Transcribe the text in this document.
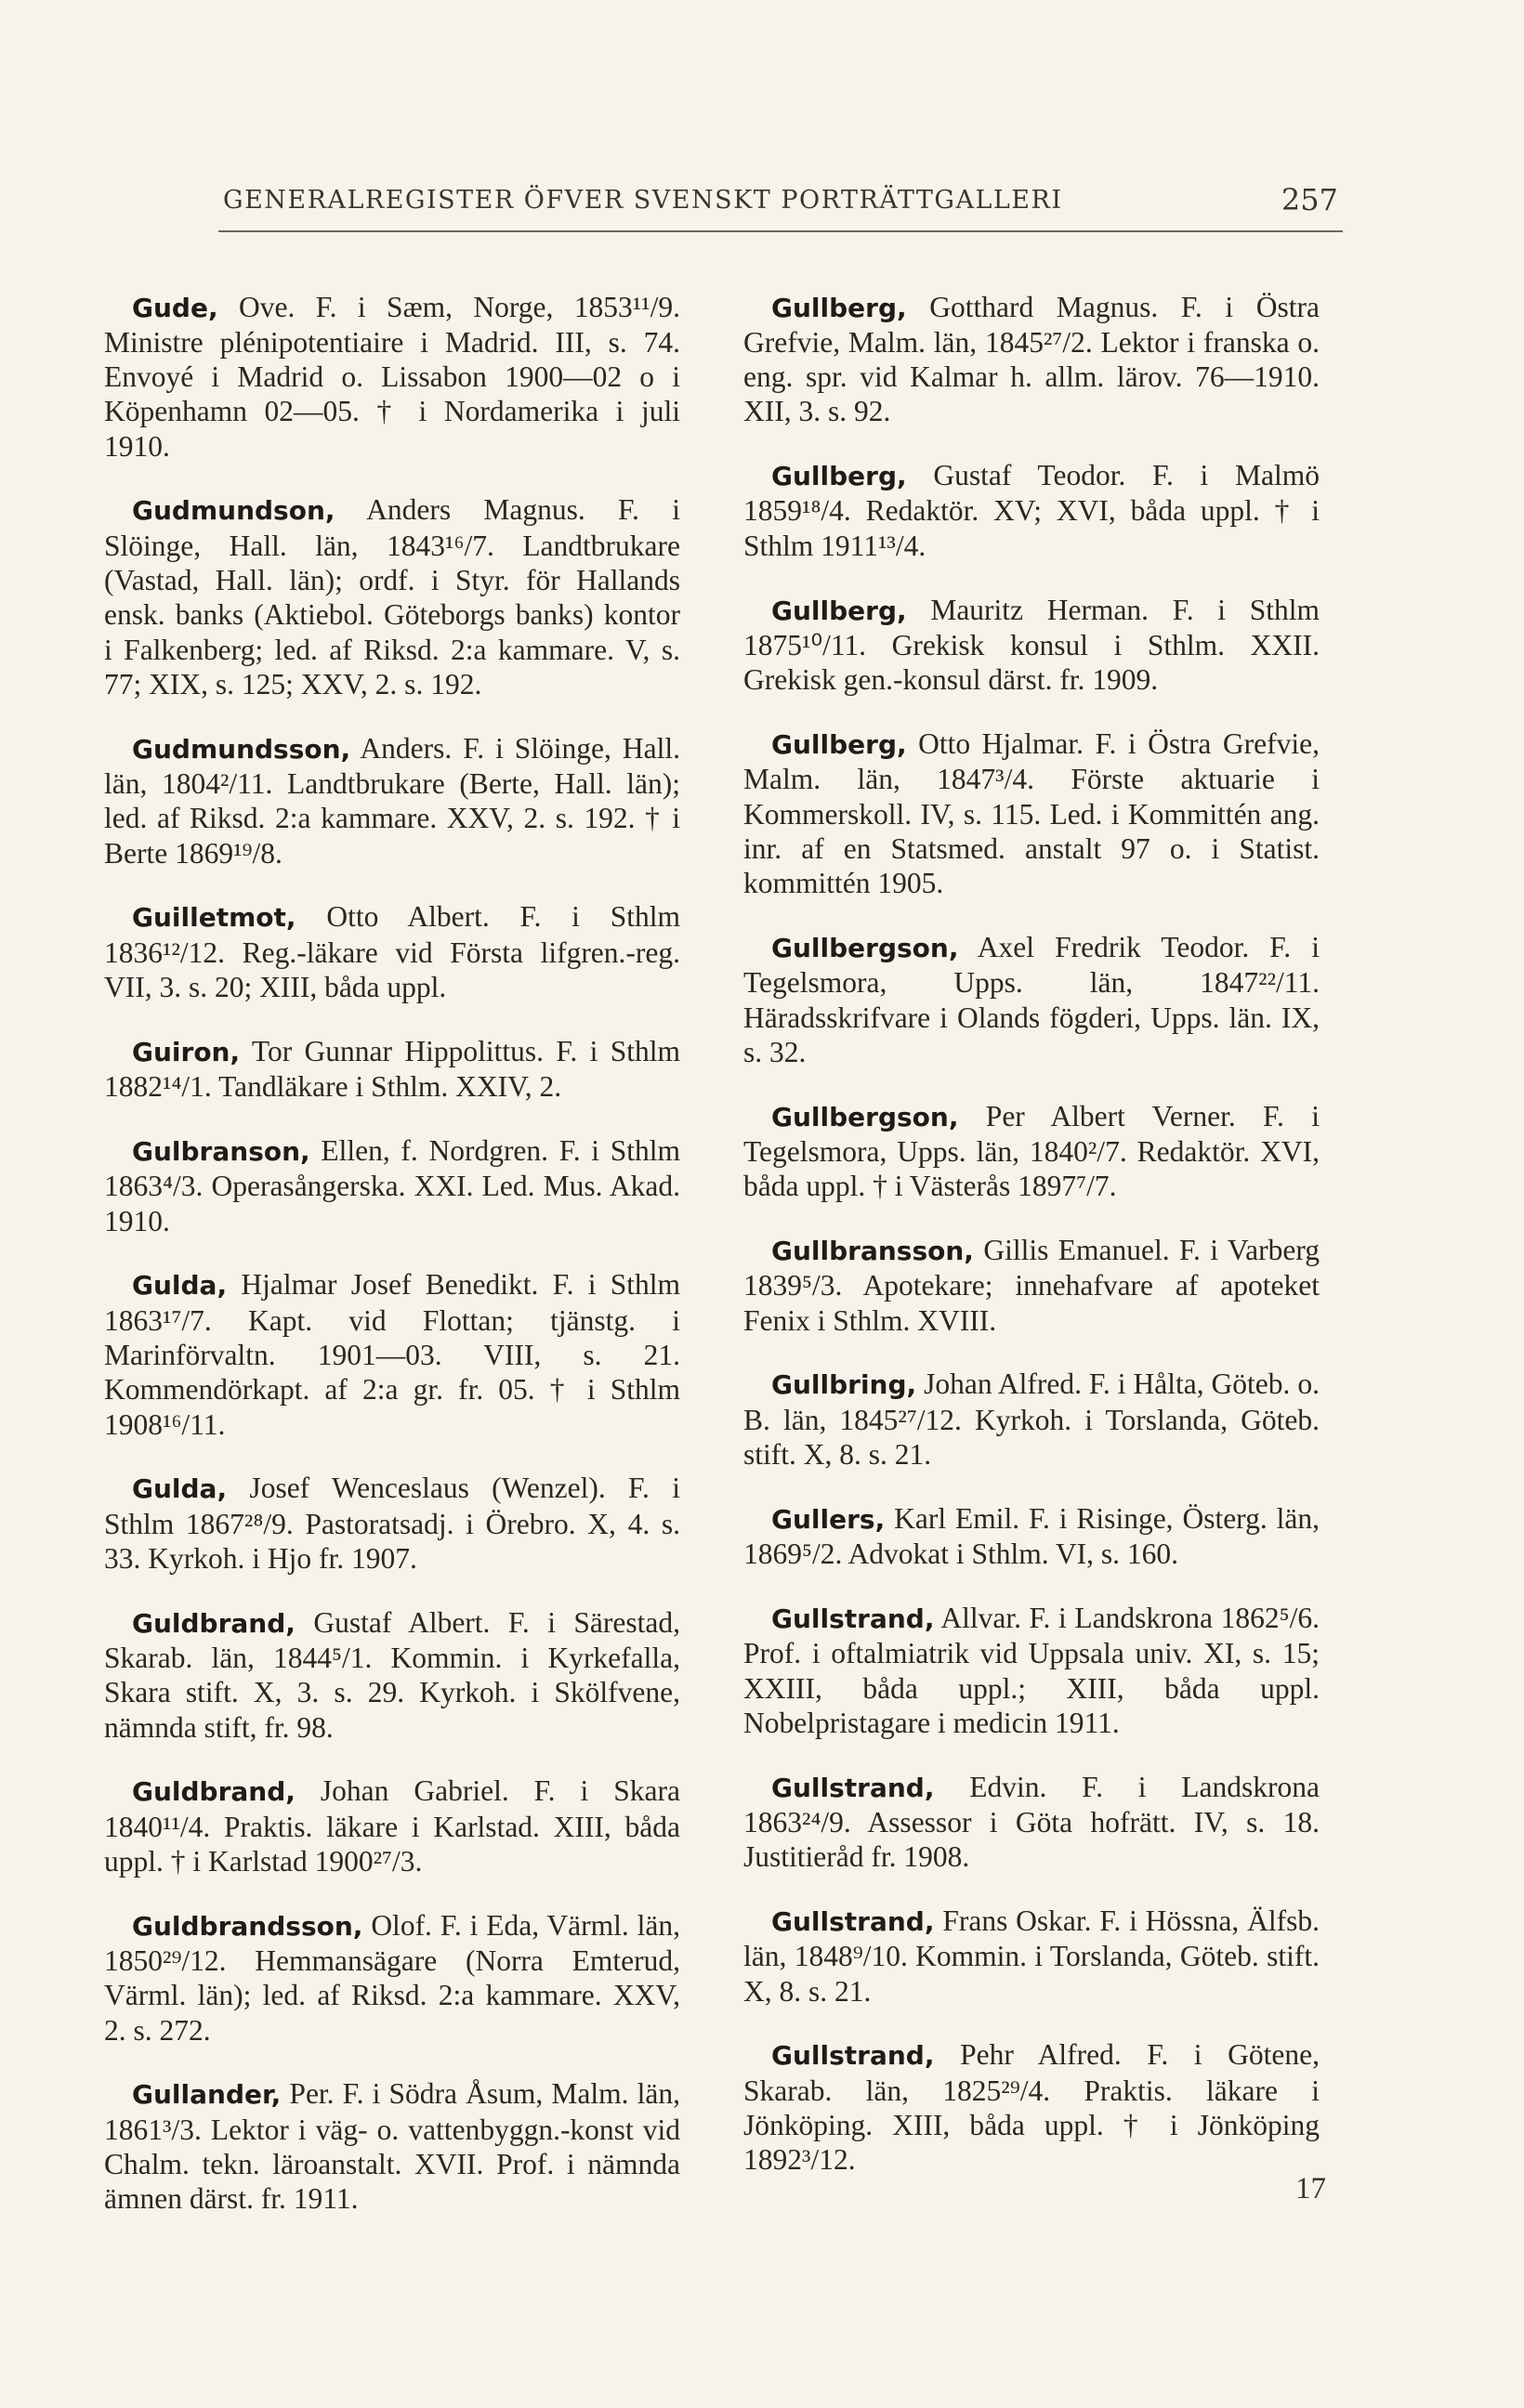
GENERALREGISTER ÖFVER SVENSKT PORTRÄTTGALLERI	257

Gude, Ove. F. i Sæm, Norge, 1853¹¹/9. Ministre plénipotentiaire i Madrid. III, s. 74. Envoyé i Madrid o. Lissabon 1900—02 o i Köpenhamn 02—05. † i Nordamerika i juli 1910.

Gudmundson, Anders Magnus. F. i Slöinge, Hall. län, 1843¹⁶/7. Landtbrukare (Vastad, Hall. län); ordf. i Styr. för Hallands ensk. banks (Aktiebol. Göteborgs banks) kontor i Falkenberg; led. af Riksd. 2:a kammare. V, s. 77; XIX, s. 125; XXV, 2. s. 192.

Gudmundsson, Anders. F. i Slöinge, Hall. län, 1804²/11. Landtbrukare (Berte, Hall. län); led. af Riksd. 2:a kammare. XXV, 2. s. 192. † i Berte 1869¹⁹/8.

Guilletmot, Otto Albert. F. i Sthlm 1836¹²/12. Reg.-läkare vid Första lifgren.-reg. VII, 3. s. 20; XIII, båda uppl.

Guiron, Tor Gunnar Hippolittus. F. i Sthlm 1882¹⁴/1. Tandläkare i Sthlm. XXIV, 2.

Gulbranson, Ellen, f. Nordgren. F. i Sthlm 1863⁴/3. Operasångerska. XXI. Led. Mus. Akad. 1910.

Gulda, Hjalmar Josef Benedikt. F. i Sthlm 1863¹⁷/7. Kapt. vid Flottan; tjänstg. i Marinförvaltn. 1901—03. VIII, s. 21. Kommendörkapt. af 2:a gr. fr. 05. † i Sthlm 1908¹⁶/11.

Gulda, Josef Wenceslaus (Wenzel). F. i Sthlm 1867²⁸/9. Pastoratsadj. i Örebro. X, 4. s. 33. Kyrkoh. i Hjo fr. 1907.

Guldbrand, Gustaf Albert. F. i Särestad, Skarab. län, 1844⁵/1. Kommin. i Kyrkefalla, Skara stift. X, 3. s. 29. Kyrkoh. i Skölfvene, nämnda stift, fr. 98.

Guldbrand, Johan Gabriel. F. i Skara 1840¹¹/4. Praktis. läkare i Karlstad. XIII, båda uppl. † i Karlstad 1900²⁷/3.

Guldbrandsson, Olof. F. i Eda, Värml. län, 1850²⁹/12. Hemmansägare (Norra Emterud, Värml. län); led. af Riksd. 2:a kammare. XXV, 2. s. 272.

Gullander, Per. F. i Södra Åsum, Malm. län, 1861³/3. Lektor i väg- o. vattenbyggn.-konst vid Chalm. tekn. läroanstalt. XVII. Prof. i nämnda ämnen därst. fr. 1911.

Gullberg, Gotthard Magnus. F. i Östra Grefvie, Malm. län, 1845²⁷/2. Lektor i franska o. eng. spr. vid Kalmar h. allm. lärov. 76—1910. XII, 3. s. 92.

Gullberg, Gustaf Teodor. F. i Malmö 1859¹⁸/4. Redaktör. XV; XVI, båda uppl. † i Sthlm 1911¹³/4.

Gullberg, Mauritz Herman. F. i Sthlm 1875¹⁰/11. Grekisk konsul i Sthlm. XXII. Grekisk gen.-konsul därst. fr. 1909.

Gullberg, Otto Hjalmar. F. i Östra Grefvie, Malm. län, 1847³/4. Förste aktuarie i Kommerskoll. IV, s. 115. Led. i Kommittén ang. inr. af en Statsmed. anstalt 97 o. i Statist. kommittén 1905.

Gullbergson, Axel Fredrik Teodor. F. i Tegelsmora, Upps. län, 1847²²/11. Häradsskrifvare i Olands fögderi, Upps. län. IX, s. 32.

Gullbergson, Per Albert Verner. F. i Tegelsmora, Upps. län, 1840²/7. Redaktör. XVI, båda uppl. † i Västerås 1897⁷/7.

Gullbransson, Gillis Emanuel. F. i Varberg 1839⁵/3. Apotekare; innehafvare af apoteket Fenix i Sthlm. XVIII.

Gullbring, Johan Alfred. F. i Hålta, Göteb. o. B. län, 1845²⁷/12. Kyrkoh. i Torslanda, Göteb. stift. X, 8. s. 21.

Gullers, Karl Emil. F. i Risinge, Österg. län, 1869⁵/2. Advokat i Sthlm. VI, s. 160.

Gullstrand, Allvar. F. i Landskrona 1862⁵/6. Prof. i oftalmiatrik vid Uppsala univ. XI, s. 15; XXIII, båda uppl.; XIII, båda uppl. Nobelpristagare i medicin 1911.

Gullstrand, Edvin. F. i Landskrona 1863²⁴/9. Assessor i Göta hofrätt. IV, s. 18. Justitieråd fr. 1908.

Gullstrand, Frans Oskar. F. i Hössna, Älfsb. län, 1848⁹/10. Kommin. i Torslanda, Göteb. stift. X, 8. s. 21.

Gullstrand, Pehr Alfred. F. i Götene, Skarab. län, 1825²⁹/4. Praktis. läkare i Jönköping. XIII, båda uppl. † i Jönköping 1892³/12.

17
